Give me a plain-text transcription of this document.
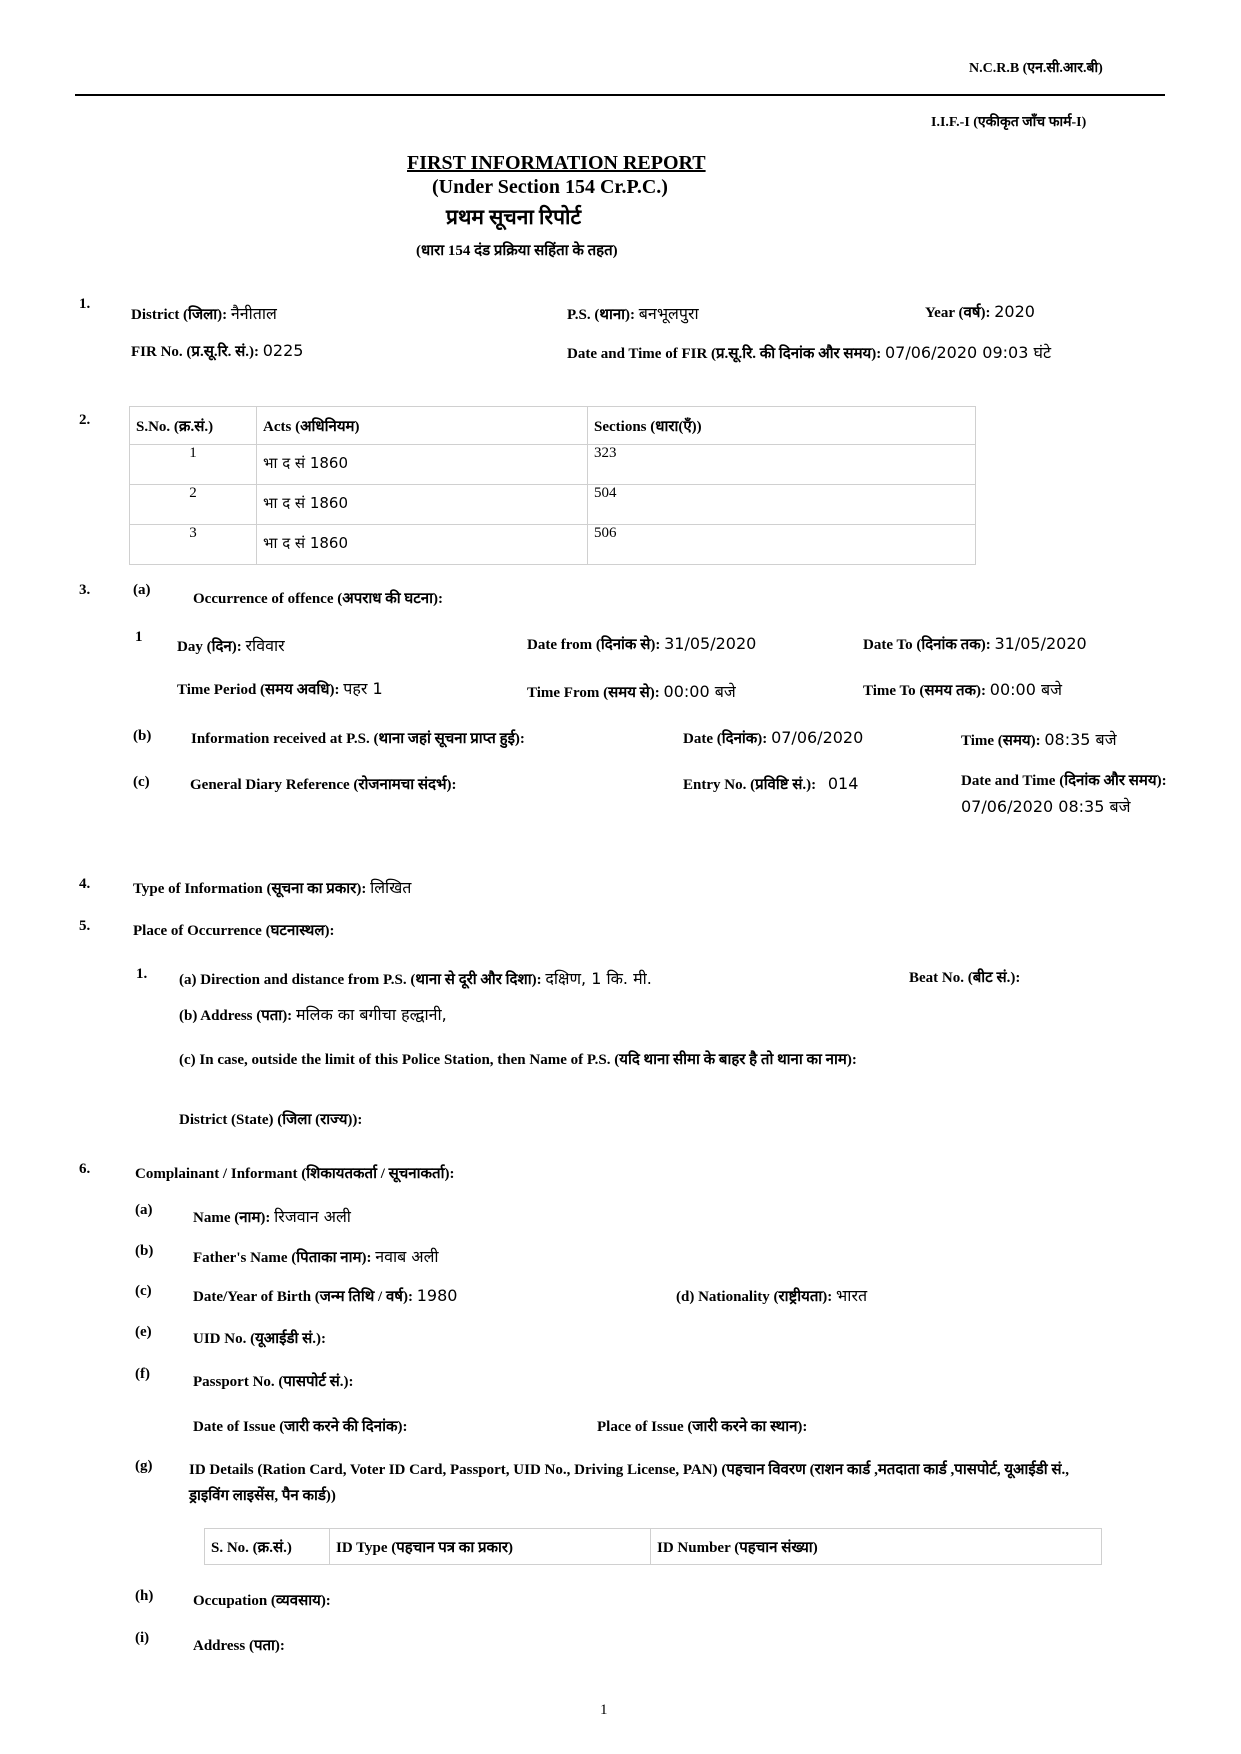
N.C.R.B (एन.सी.आर.बी)
I.I.F.-I (एकीकृत जाँच फार्म-I)
FIRST INFORMATION REPORT
(Under Section 154 Cr.P.C.)
प्रथम सूचना रिपोर्ट
(धारा 154 दंड प्रक्रिया सहिंता के तहत)
1.
District (जिला): नैनीताल	P.S. (थाना): बनभूलपुरा	Year (वर्ष): 2020
FIR No. (प्र.सू.रि. सं.): 0225	Date and Time of FIR (प्र.सू.रि. की दिनांक और समय): 07/06/2020 09:03 घंटे
2.	S.No. (क्र.सं.)	Acts (अधिनियम)	Sections (धारा(एँ))
1	भा द सं 1860	323
2	भा द सं 1860	504
3	भा द सं 1860	506
3.	(a)
Occurrence of offence (अपराध की घटना):
1
Day (दिन): रविवार	Date from (दिनांक से): 31/05/2020	Date To (दिनांक तक): 31/05/2020
Time Period (समय अवधि): पहर 1	Time From (समय से): 00:00 बजे	Time To (समय तक): 00:00 बजे
(b)	Information received at P.S. (थाना जहां सूचना प्राप्त हुई):	Date (दिनांक): 07/06/2020	Time (समय): 08:35 बजे
(c)	General Diary Reference (रोजनामचा संदर्भ):	Entry No. (प्रविष्टि सं.): 014	Date and Time (दिनांक और समय): 07/06/2020 08:35 बजे
4.	Type of Information (सूचना का प्रकार): लिखित
5.	Place of Occurrence (घटनास्थल):
1. (a) Direction and distance from P.S. (थाना से दूरी और दिशा): दक्षिण, 1 कि. मी.	Beat No. (बीट सं.):
(b) Address (पता): मलिक का बगीचा हल्द्वानी,
(c) In case, outside the limit of this Police Station, then Name of P.S. (यदि थाना सीमा के बाहर है तो थाना का नाम):
District (State) (जिला (राज्य)):
6.	Complainant / Informant (शिकायतकर्ता / सूचनाकर्ता):
(a)	Name (नाम): रिजवान अली
(b)	Father's Name (पिताका नाम): नवाब अली
(c)	Date/Year of Birth (जन्म तिथि / वर्ष): 1980	(d) Nationality (राष्ट्रीयता): भारत
(e)	UID No. (यूआईडी सं.):
(f)	Passport No. (पासपोर्ट सं.):
Date of Issue (जारी करने की दिनांक):	Place of Issue (जारी करने का स्थान):
(g) ID Details (Ration Card, Voter ID Card, Passport, UID No., Driving License, PAN) (पहचान विवरण (राशन कार्ड ,मतदाता कार्ड ,पासपोर्ट, यूआईडी सं., ड्राइविंग लाइसेंस, पैन कार्ड))
S. No. (क्र.सं.)	ID Type (पहचान पत्र का प्रकार)	ID Number (पहचान संख्या)
(h)	Occupation (व्यवसाय):
(i)	Address (पता):
1
